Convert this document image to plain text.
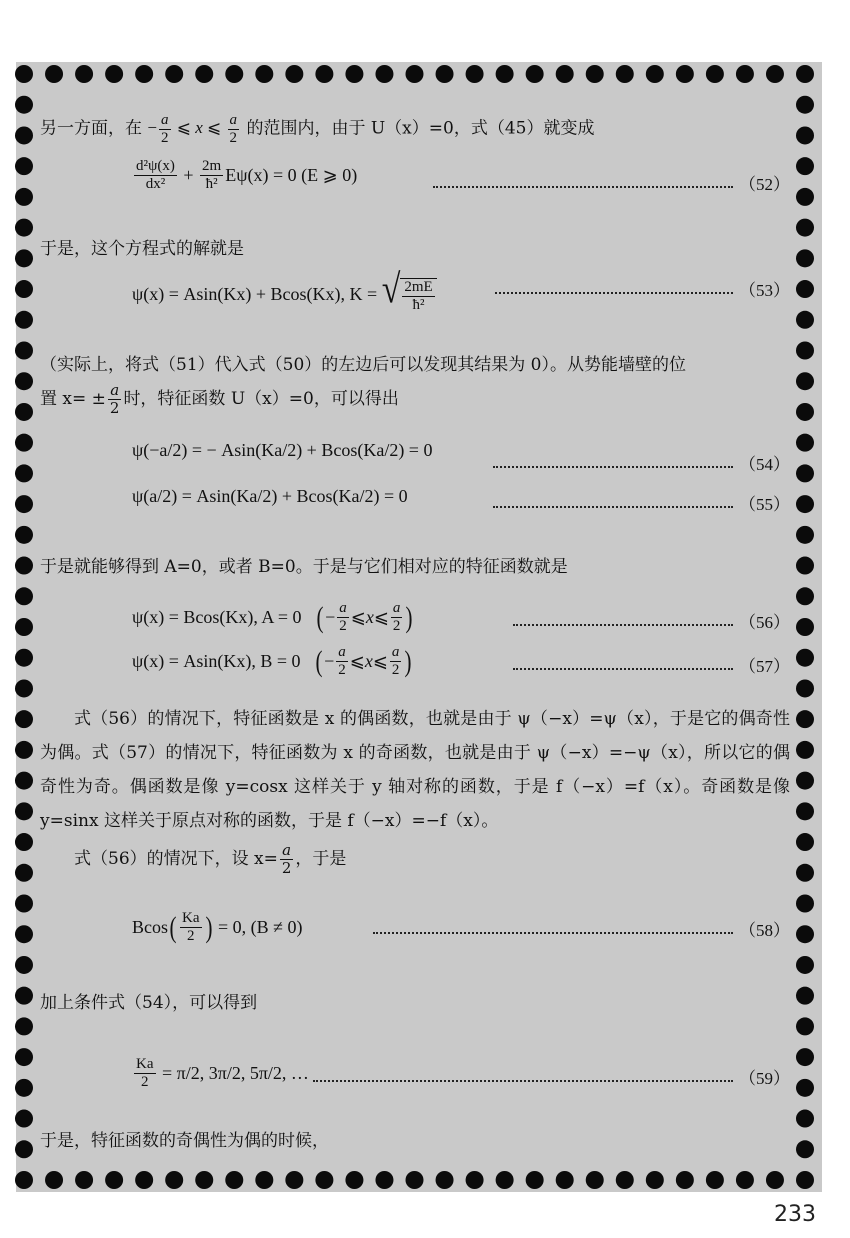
另一方面，在 − $\frac{a}{2}$ ⩽ x ⩽ $\frac{a}{2}$ 的范围内，由于 U（x）=0，式（45）就变成
$\frac{\text{d²ψ(x)}}{\text{dx²}} + \frac{2m}{\text{ħ²}} E\psi(x) = 0$ (E ⩾ 0)	（52）
于是，这个方程式的解就是
ψ(x) = Asin(Kx) + Bcos(Kx), K =
√ $\frac{2mE}{\text{ħ²}}$	（53）
（实际上，将式（51）代入式（50）的左边后可以发现其结果为 0）。从势能墙壁的位
置 $x= \pm \frac{a}{2}$ 时，特征函数 U（x）=0，可以得出
ψ(−a/2) = − Asin(Ka/2) + Bcos(Ka/2) = 0
（54）
ψ(a/2) = Asin(Ka/2) + Bcos(Ka/2) = 0	（55）
于是就能够得到 A=0，或者 B=0。于是与它们相对应的特征函数就是
ψ(x) = Bcos(Kx), A = 0
( − $\frac{a}{2}$ ⩽ x ⩽ $\frac{a}{2}$ )	（56）
ψ(x) = Asin(Kx), B = 0
( − $\frac{a}{2}$ ⩽ x ⩽ $\frac{a}{2}$ )	（57）
式（56）的情况下，特征函数是 x 的偶函数，也就是由于 ψ（−x）=ψ（x），于是它的偶奇性为偶。式（57）的情况下，特征函数为 x 的奇函数，也就是由于 ψ（−x）=−ψ（x），所以它的偶奇性为奇。偶函数是像 y=cosx 这样关于 y 轴对称的函数，于是 f（−x）=f（x）。奇函数是像 y=sinx 这样关于原点对称的函数，于是 f（−x）=−f（x）。
式（56）的情况下，设 $x= \frac{a}{2}$ ，于是
Bcos ( $\frac{Ka}{2}$ )
= 0, (B ≠ 0)	（58）
加上条件式（54），可以得到
$\frac{Ka}{2} = \pi/2$, 3π/2, 5π/2, …	（59）
于是，特征函数的奇偶性为偶的时候，
233
